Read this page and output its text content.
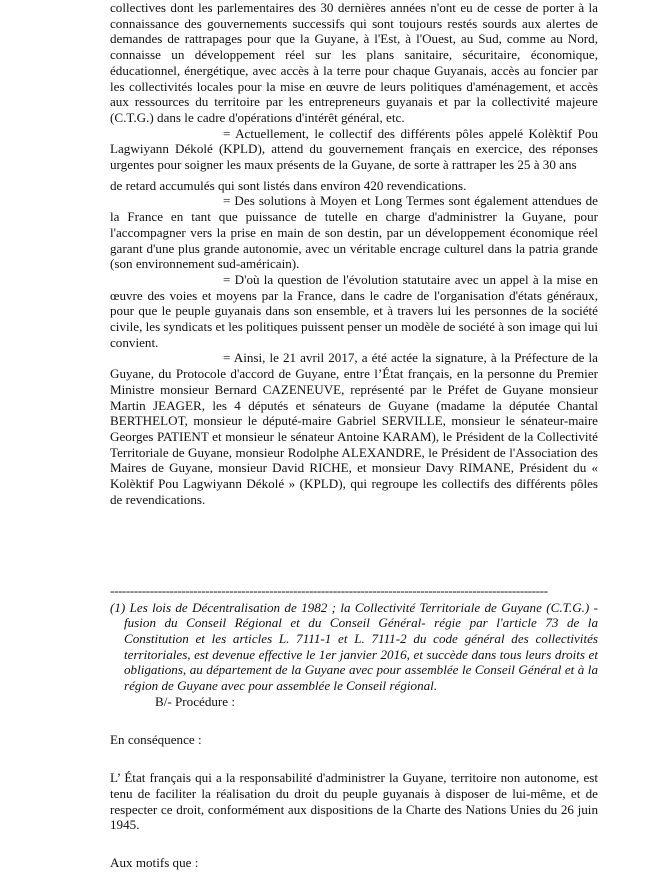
collectives dont les parlementaires des 30 dernières années n'ont eu de cesse de porter à la connaissance des gouvernements successifs qui sont toujours restés sourds aux alertes de demandes de rattrapages pour que la Guyane, à l'Est, à l'Ouest, au Sud, comme au Nord, connaisse un développement réel sur les plans sanitaire, sécuritaire, économique, éducationnel, énergétique, avec accès à la terre pour chaque Guyanais, accès au foncier par les collectivités locales pour la mise en œuvre de leurs politiques d'aménagement, et accès aux ressources du territoire par les entrepreneurs guyanais et par la collectivité majeure (C.T.G.) dans le cadre d'opérations d'intérêt général, etc.

= Actuellement, le collectif des différents pôles appelé Kolèktif Pou Lagwiyann Dékolé (KPLD), attend du gouvernement français en exercice, des réponses urgentes pour soigner les maux présents de la Guyane, de sorte à rattraper les 25 à 30 ans

de retard accumulés qui sont listés dans environ 420 revendications.

= Des solutions à Moyen et Long Termes sont également attendues de la France en tant que puissance de tutelle en charge d'administrer la Guyane, pour l'accompagner vers la prise en main de son destin, par un développement économique réel garant d'une plus grande autonomie, avec un véritable encrage culturel dans la patria grande (son environnement sud-américain).

= D'où la question de l'évolution statutaire avec un appel à la mise en œuvre des voies et moyens par la France, dans le cadre de l'organisation d'états généraux, pour que le peuple guyanais dans son ensemble, et à travers lui les personnes de la société civile, les syndicats et les politiques puissent penser un modèle de société à son image qui lui convient.

= Ainsi, le 21 avril 2017, a été actée la signature, à la Préfecture de la Guyane, du Protocole d'accord de Guyane, entre l’État français, en la personne du Premier Ministre monsieur Bernard CAZENEUVE, représenté par le Préfet de Guyane monsieur Martin JEAGER, les 4 députés et sénateurs de Guyane (madame la députée Chantal BERTHELOT, monsieur le député-maire Gabriel SERVILLE, monsieur le sénateur-maire Georges PATIENT et monsieur le sénateur Antoine KARAM), le Président de la Collectivité Territoriale de Guyane, monsieur Rodolphe ALEXANDRE, le Président de l'Association des Maires de Guyane, monsieur David RICHE, et monsieur Davy RIMANE, Président du « Kolèktif Pou Lagwiyann Dékolé » (KPLD), qui regroupe les collectifs des différents pôles de revendications.

--------------------------------------------------------------------------------------------------------------

(1) Les lois de Décentralisation de 1982 ; la Collectivité Territoriale de Guyane (C.T.G.) -fusion du Conseil Régional et du Conseil Général- régie par l'article 73 de la Constitution et les articles L. 7111-1 et L. 7111-2 du code général des collectivités territoriales, est devenue effective le 1er janvier 2016, et succède dans tous leurs droits et obligations, au département de la Guyane avec pour assemblée le Conseil Général et à la région de Guyane avec pour assemblée le Conseil régional.

B/- Procédure :

En conséquence :

L’ État français qui a la responsabilité d'administrer la Guyane, territoire non autonome, est tenu de faciliter la réalisation du droit du peuple guyanais à disposer de lui-même, et de respecter ce droit, conformément aux dispositions de la Charte des Nations Unies du 26 juin 1945.

Aux motifs que :
